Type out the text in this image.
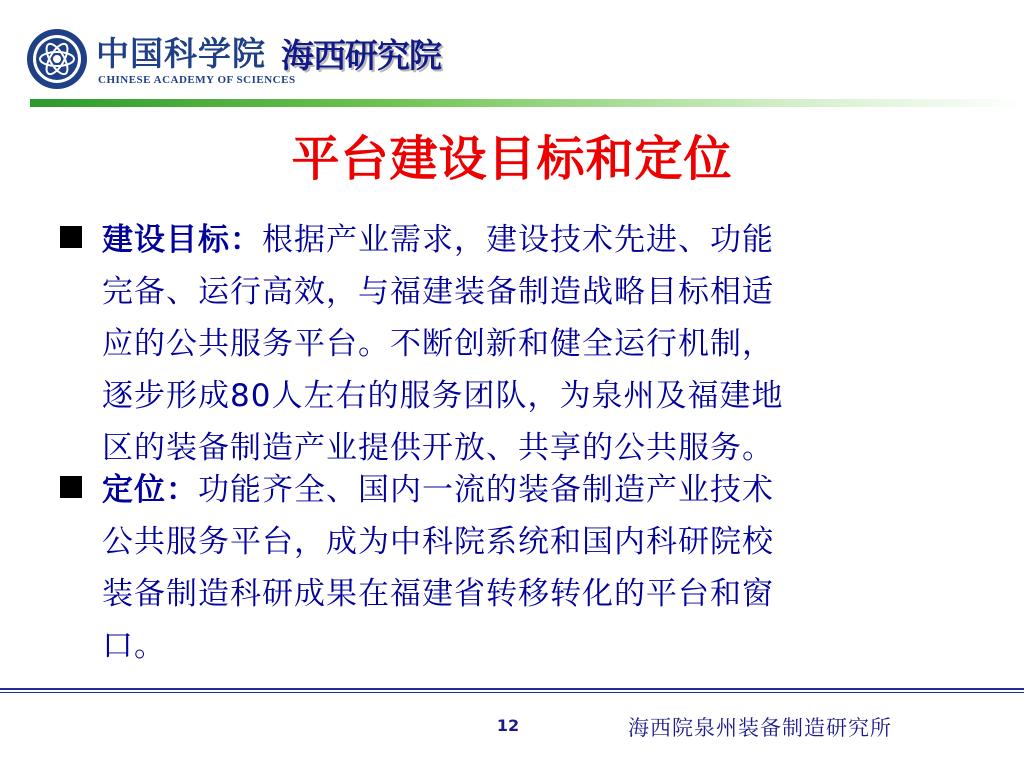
中国科学院
CHINESE ACADEMY OF SCIENCES
海西研究院
平台建设目标和定位
建设目标：根据产业需求，建设技术先进、功能
完备、运行高效，与福建装备制造战略目标相适
应的公共服务平台。不断创新和健全运行机制，
逐步形成80人左右的服务团队，为泉州及福建地
区的装备制造产业提供开放、共享的公共服务。
定位：功能齐全、国内一流的装备制造产业技术
公共服务平台，成为中科院系统和国内科研院校
装备制造科研成果在福建省转移转化的平台和窗
口。
12	海西院泉州装备制造研究所
